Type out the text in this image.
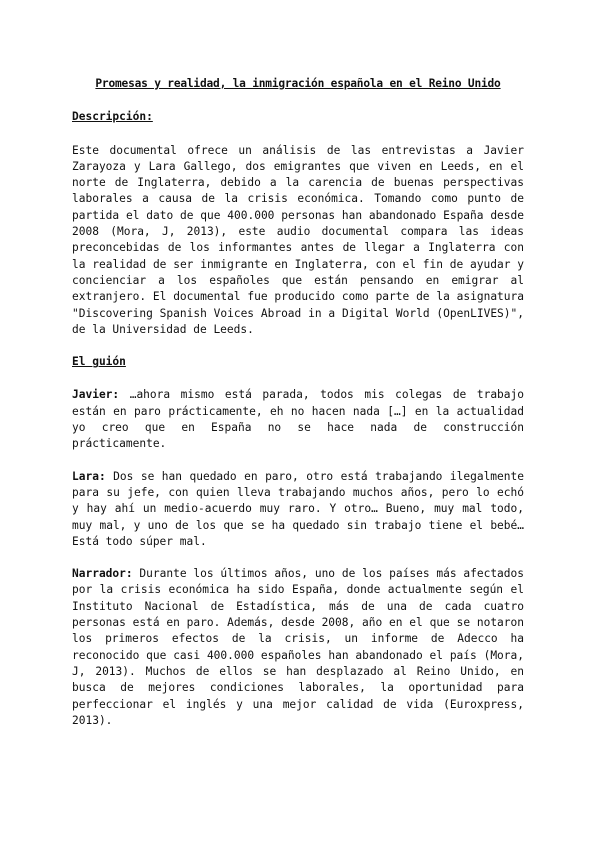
Promesas y realidad, la inmigración española en el Reino Unido
Descripción:
Este documental ofrece un análisis de las entrevistas a Javier Zarayoza y Lara Gallego, dos emigrantes que viven en Leeds, en el norte de Inglaterra, debido a la carencia de buenas perspectivas laborales a causa de la crisis económica. Tomando como punto de partida el dato de que 400.000 personas han abandonado España desde 2008 (Mora, J, 2013), este audio documental compara las ideas preconcebidas de los informantes antes de llegar a Inglaterra con la realidad de ser inmigrante en Inglaterra, con el fin de ayudar y concienciar a los españoles que están pensando en emigrar al extranjero. El documental fue producido como parte de la asignatura "Discovering Spanish Voices Abroad in a Digital World (OpenLIVES)", de la Universidad de Leeds.
El guión
Javier: …ahora mismo está parada, todos mis colegas de trabajo están en paro prácticamente, eh no hacen nada […] en la actualidad yo creo que en España no se hace nada de construcción prácticamente.
Lara: Dos se han quedado en paro, otro está trabajando ilegalmente para su jefe, con quien lleva trabajando muchos años, pero lo echó y hay ahí un medio-acuerdo muy raro. Y otro… Bueno, muy mal todo, muy mal, y uno de los que se ha quedado sin trabajo tiene el bebé… Está todo súper mal.
Narrador: Durante los últimos años, uno de los países más afectados por la crisis económica ha sido España, donde actualmente según el Instituto Nacional de Estadística, más de una de cada cuatro personas está en paro. Además, desde 2008, año en el que se notaron los primeros efectos de la crisis, un informe de Adecco ha reconocido que casi 400.000 españoles han abandonado el país (Mora, J, 2013). Muchos de ellos se han desplazado al Reino Unido, en busca de mejores condiciones laborales, la oportunidad para perfeccionar el inglés y una mejor calidad de vida (Euroxpress, 2013).
